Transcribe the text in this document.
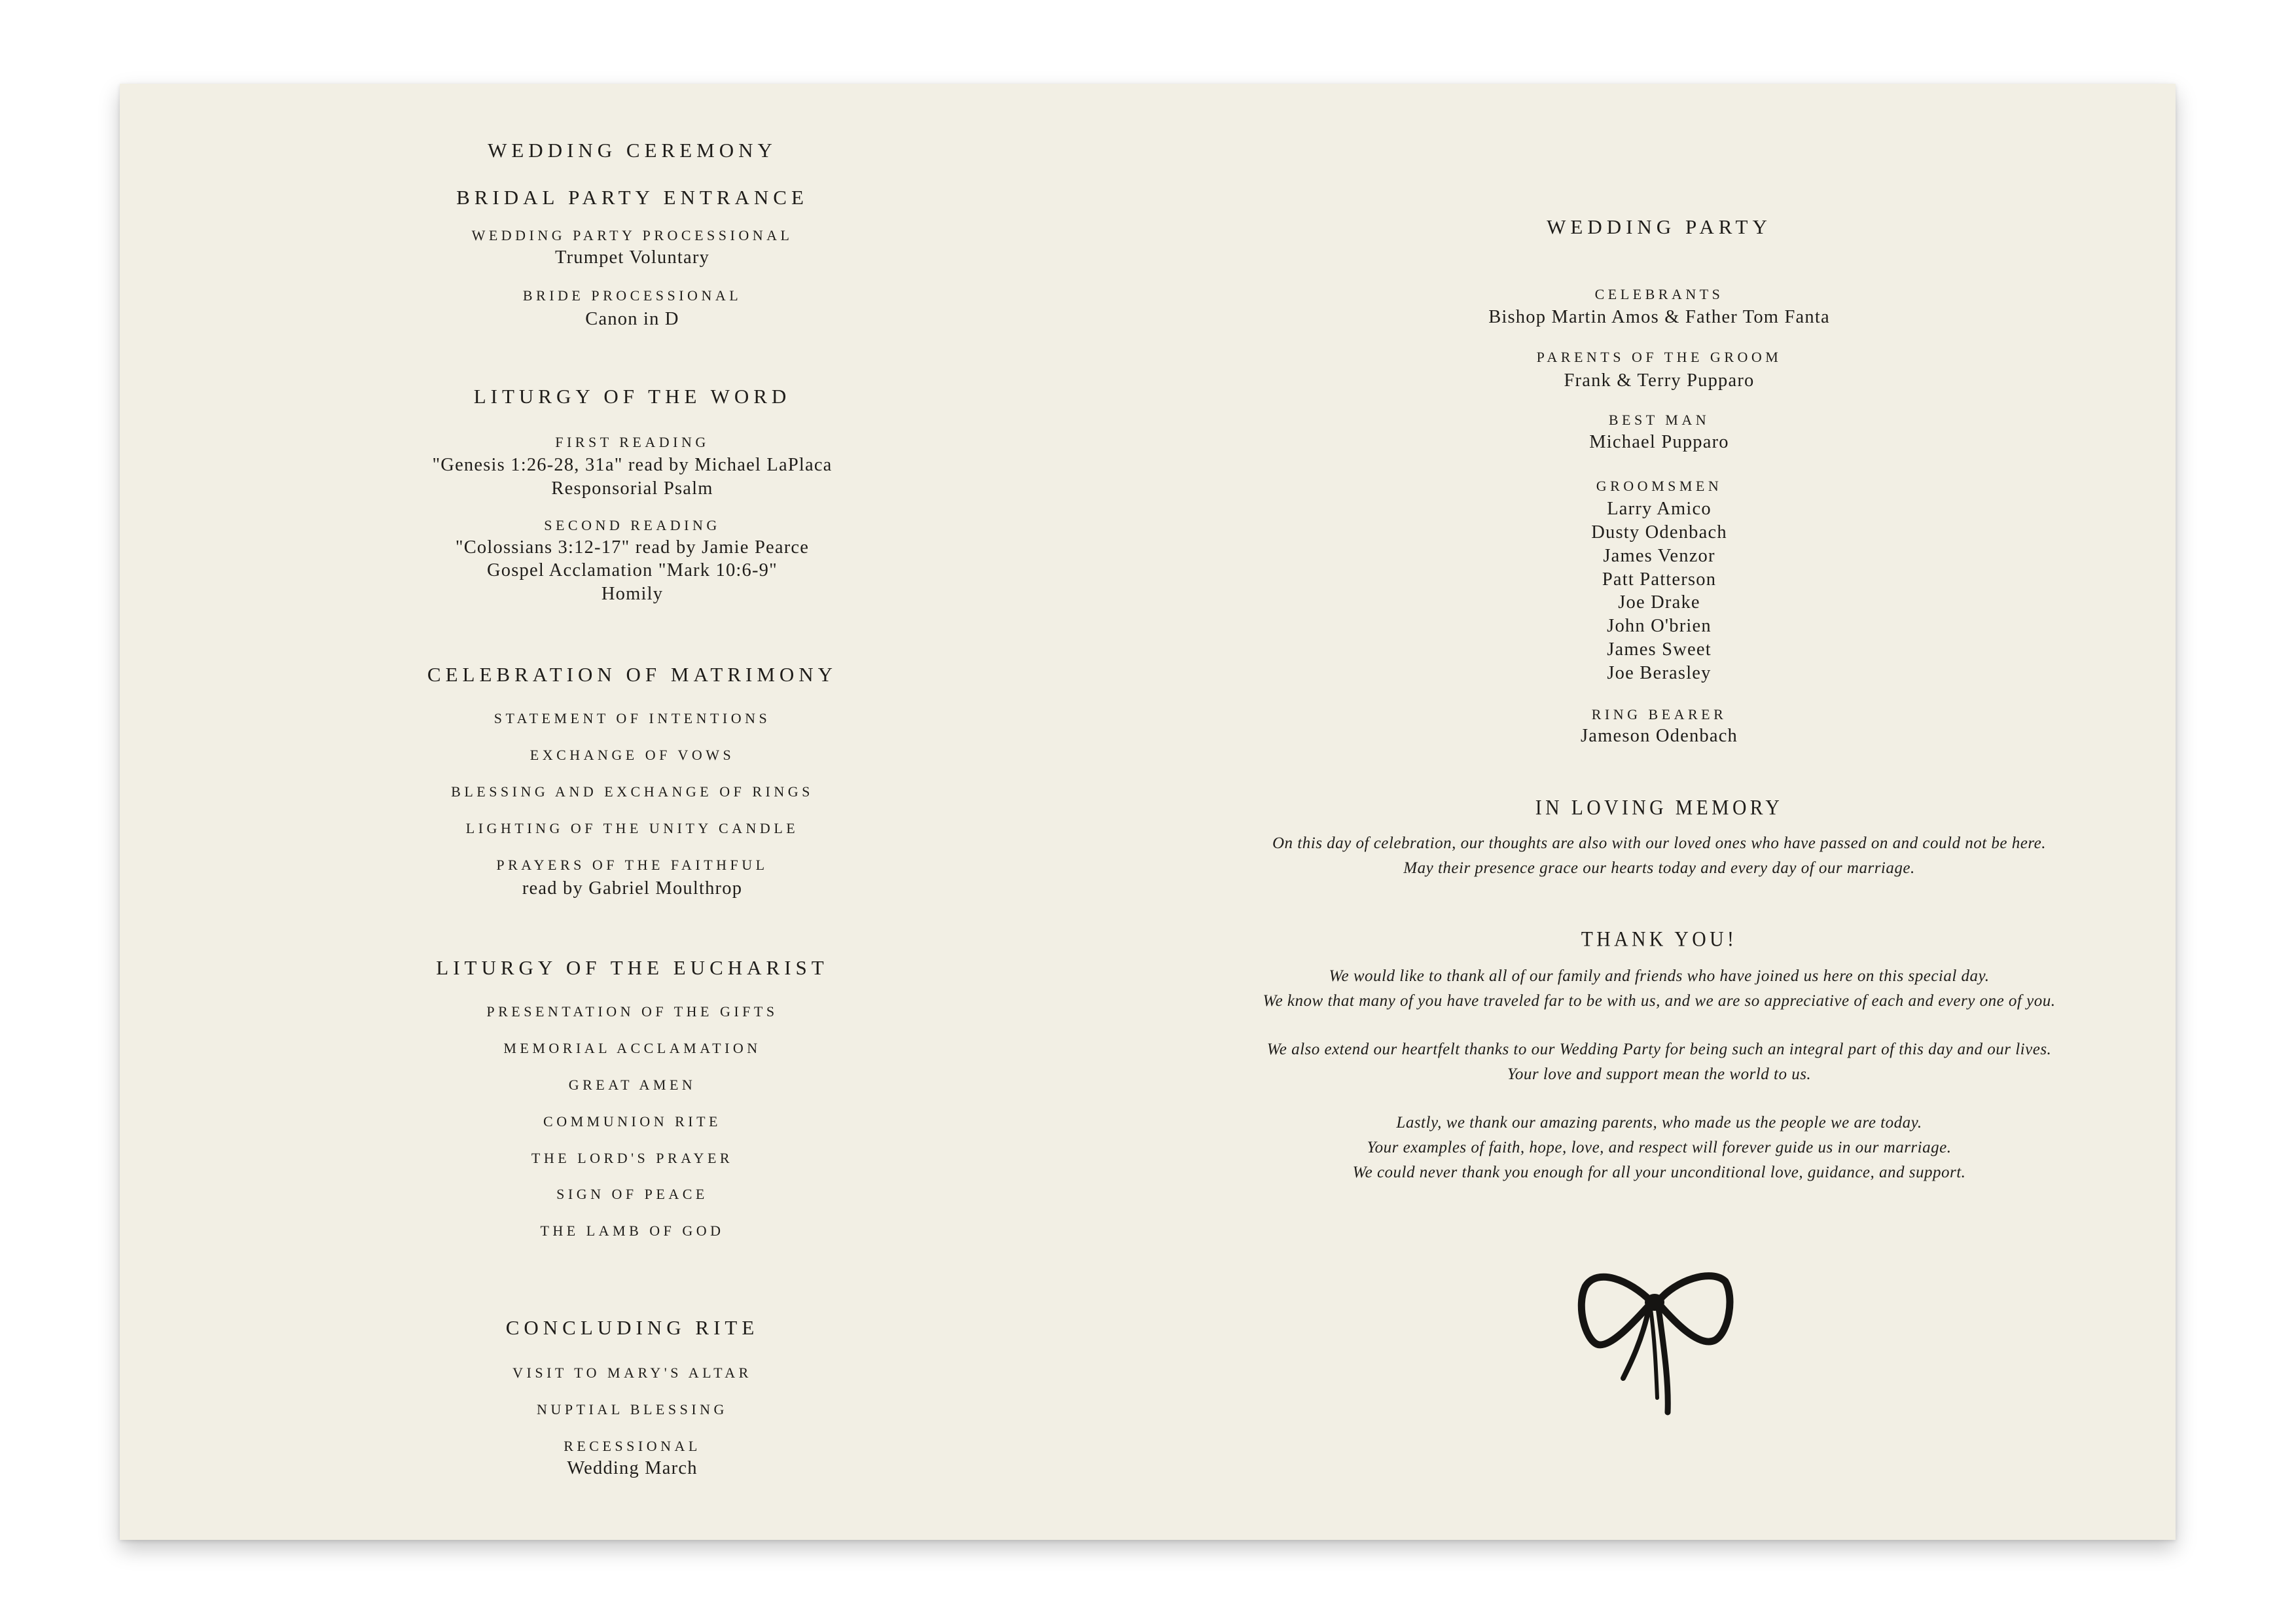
WEDDING CEREMONY
BRIDAL PARTY ENTRANCE
WEDDING PARTY PROCESSIONAL
Trumpet Voluntary
BRIDE PROCESSIONAL
Canon in D
LITURGY OF THE WORD
FIRST READING
"Genesis 1:26-28, 31a" read by Michael LaPlaca
Responsorial Psalm
SECOND READING
"Colossians 3:12-17" read by Jamie Pearce
Gospel Acclamation "Mark 10:6-9"
Homily
CELEBRATION OF MATRIMONY
STATEMENT OF INTENTIONS
EXCHANGE OF VOWS
BLESSING AND EXCHANGE OF RINGS
LIGHTING OF THE UNITY CANDLE
PRAYERS OF THE FAITHFUL
read by Gabriel Moulthrop
LITURGY OF THE EUCHARIST
PRESENTATION OF THE GIFTS
MEMORIAL ACCLAMATION
GREAT AMEN
COMMUNION RITE
THE LORD'S PRAYER
SIGN OF PEACE
THE LAMB OF GOD
CONCLUDING RITE
VISIT TO MARY'S ALTAR
NUPTIAL BLESSING
RECESSIONAL
Wedding March
WEDDING PARTY
CELEBRANTS
Bishop Martin Amos & Father Tom Fanta
PARENTS OF THE GROOM
Frank & Terry Pupparo
BEST MAN
Michael Pupparo
GROOMSMEN
Larry Amico
Dusty Odenbach
James Venzor
Patt Patterson
Joe Drake
John O'brien
James Sweet
Joe Berasley
RING BEARER
Jameson Odenbach
IN LOVING MEMORY
On this day of celebration, our thoughts are also with our loved ones who have passed on and could not be here.
May their presence grace our hearts today and every day of our marriage.
THANK YOU!
We would like to thank all of our family and friends who have joined us here on this special day.
We know that many of you have traveled far to be with us, and we are so appreciative of each and every one of you.
We also extend our heartfelt thanks to our Wedding Party for being such an integral part of this day and our lives.
Your love and support mean the world to us.
Lastly, we thank our amazing parents, who made us the people we are today.
Your examples of faith, hope, love, and respect will forever guide us in our marriage.
We could never thank you enough for all your unconditional love, guidance, and support.
